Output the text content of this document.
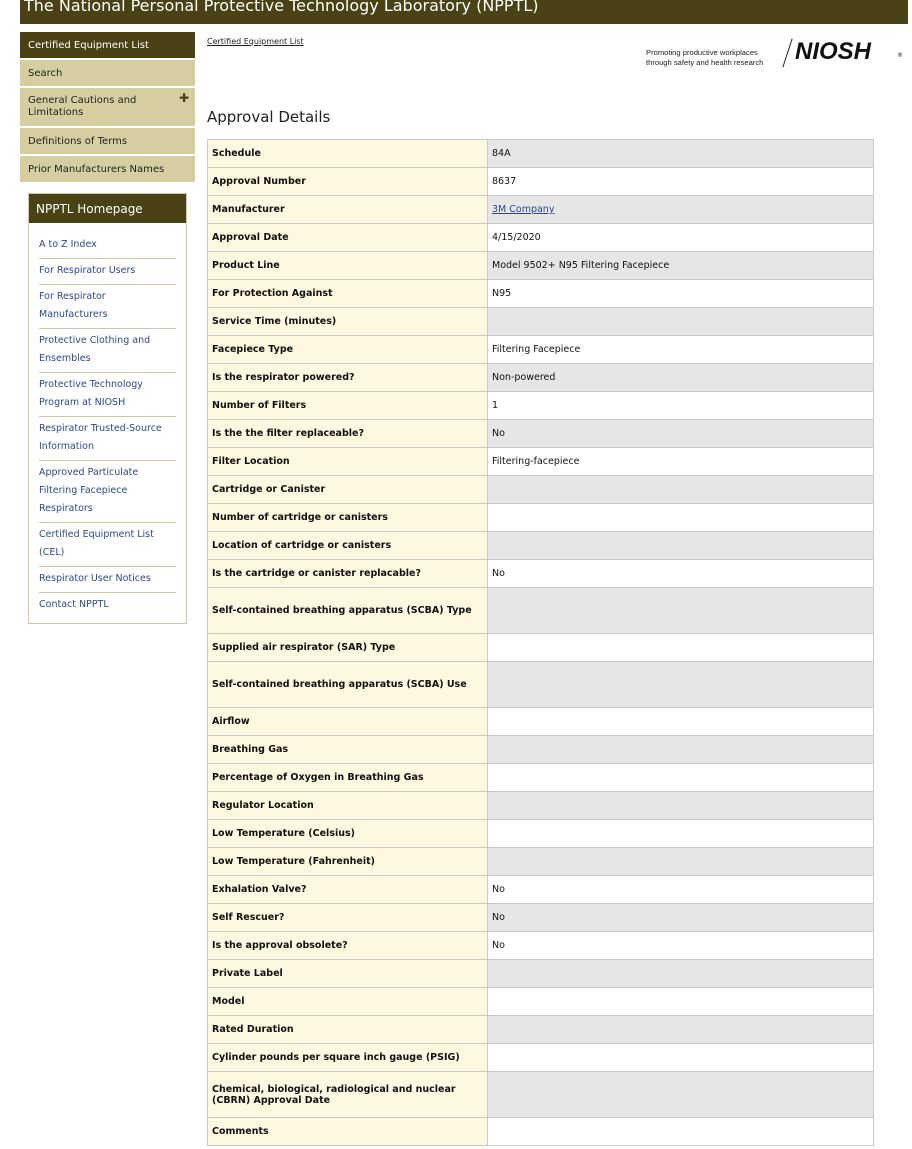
The National Personal Protective Technology Laboratory (NPPTL)
Certified Equipment List
Search
General Cautions and Limitations
✚
Definitions of Terms
Prior Manufacturers Names
NPPTL Homepage
A to Z Index
For Respirator Users
For Respirator Manufacturers
Protective Clothing and Ensembles
Protective Technology Program at NIOSH
Respirator Trusted-Source Information
Approved Particulate Filtering Facepiece Respirators
Certified Equipment List (CEL)
Respirator User Notices
Contact NPPTL
Certified Equipment List
Promoting productive workplaces
through safety and health research NIOSH	®
Approval Details
Schedule	84A
Approval Number	8637
Manufacturer	3M Company
Approval Date	4/15/2020
Product Line	Model 9502+ N95 Filtering Facepiece
For Protection Against	N95
Service Time (minutes)	
Facepiece Type	Filtering Facepiece
Is the respirator powered?	Non-powered
Number of Filters	1
Is the the filter replaceable?	No
Filter Location	Filtering-facepiece
Cartridge or Canister	
Number of cartridge or canisters	
Location of cartridge or canisters	
Is the cartridge or canister replacable?	No
Self-contained breathing apparatus (SCBA) Type	
Supplied air respirator (SAR) Type	
Self-contained breathing apparatus (SCBA) Use	
Airflow	
Breathing Gas	
Percentage of Oxygen in Breathing Gas	
Regulator Location	
Low Temperature (Celsius)	
Low Temperature (Fahrenheit)	
Exhalation Valve?	No
Self Rescuer?	No
Is the approval obsolete?	No
Private Label	
Model	
Rated Duration	
Cylinder pounds per square inch gauge (PSIG)	
Chemical, biological, radiological and nuclear (CBRN) Approval Date	
Comments	
